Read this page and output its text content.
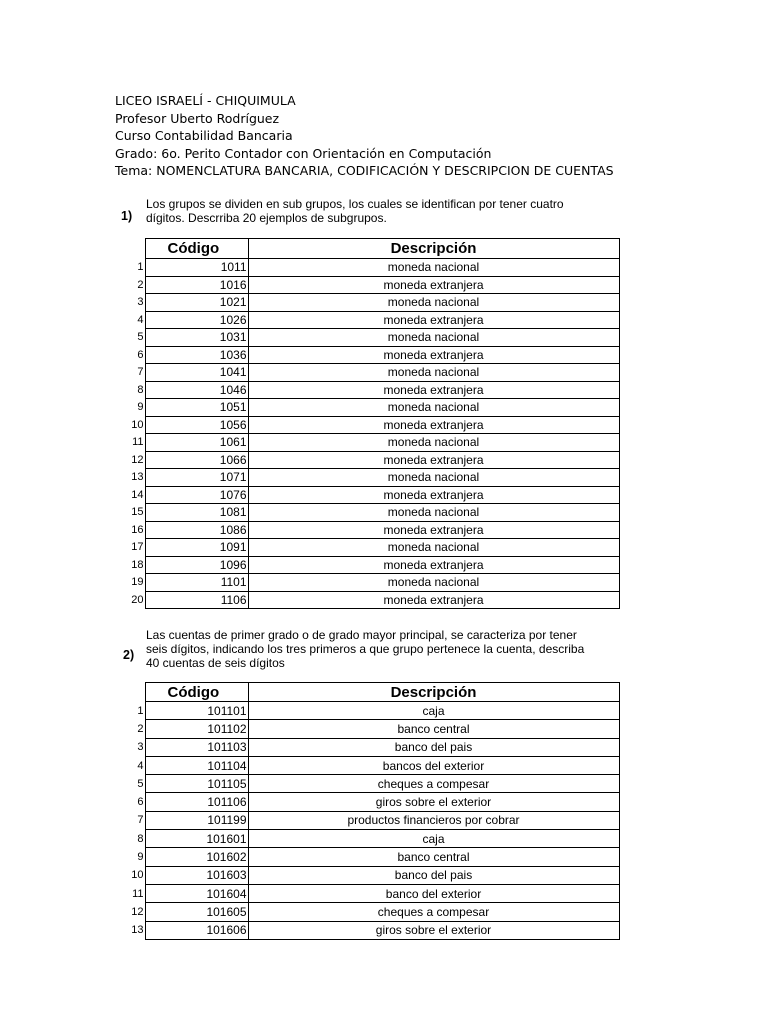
LICEO ISRAELÍ - CHIQUIMULA
Profesor Uberto Rodríguez
Curso Contabilidad Bancaria
Grado: 6o. Perito Contador con Orientación en Computación
Tema: NOMENCLATURA BANCARIA, CODIFICACIÓN Y DESCRIPCION DE CUENTAS
1)
Los grupos se dividen en sub grupos, los cuales se identifican por tener cuatro
dígitos. Descrriba 20 ejemplos de subgrupos.
	Código	Descripción
1	1011	moneda nacional
2	1016	moneda extranjera
3	1021	moneda nacional
4	1026	moneda extranjera
5	1031	moneda nacional
6	1036	moneda extranjera
7	1041	moneda nacional
8	1046	moneda extranjera
9	1051	moneda nacional
10	1056	moneda extranjera
11	1061	moneda nacional
12	1066	moneda extranjera
13	1071	moneda nacional
14	1076	moneda extranjera
15	1081	moneda nacional
16	1086	moneda extranjera
17	1091	moneda nacional
18	1096	moneda extranjera
19	1101	moneda nacional
20	1106	moneda extranjera
2)
Las cuentas de primer grado o de grado mayor principal, se caracteriza por tener
seis dígitos, indicando los tres primeros a que grupo pertenece la cuenta, describa
40 cuentas de seis dígitos
	Código	Descripción
1	101101	caja
2	101102	banco central
3	101103	banco del pais
4	101104	bancos del exterior
5	101105	cheques a compesar
6	101106	giros sobre el exterior
7	101199	productos financieros por cobrar
8	101601	caja
9	101602	banco central
10	101603	banco del pais
11	101604	banco del exterior
12	101605	cheques a compesar
13	101606	giros sobre el exterior
